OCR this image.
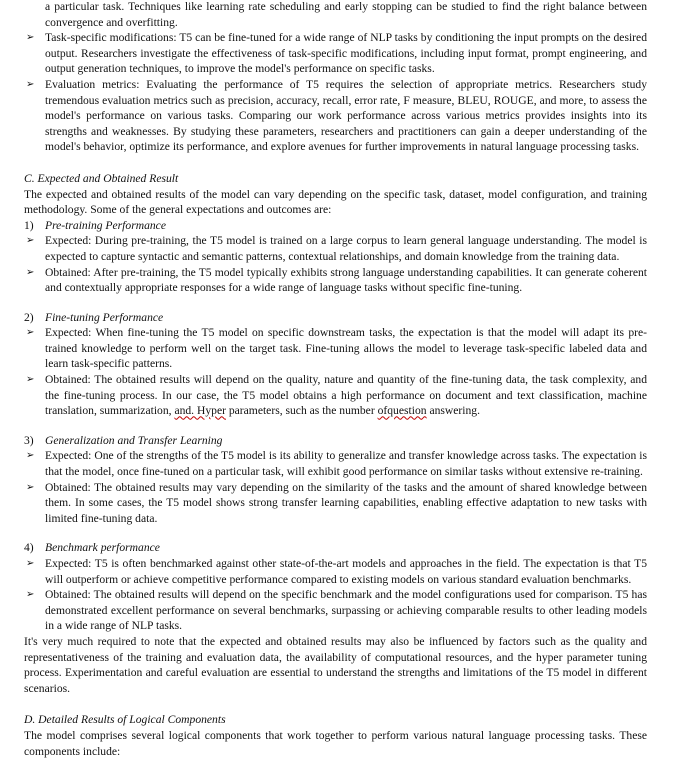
a particular task. Techniques like learning rate scheduling and early stopping can be studied to find the right balance between convergence and overfitting.

➢ Task-specific modifications: T5 can be fine-tuned for a wide range of NLP tasks by conditioning the input prompts on the desired output. Researchers investigate the effectiveness of task-specific modifications, including input format, prompt engineering, and output generation techniques, to improve the model's performance on specific tasks.

➢ Evaluation metrics: Evaluating the performance of T5 requires the selection of appropriate metrics. Researchers study tremendous evaluation metrics such as precision, accuracy, recall, error rate, F measure, BLEU, ROUGE, and more, to assess the model's performance on various tasks. Comparing our work performance across various metrics provides insights into its strengths and weaknesses. By studying these parameters, researchers and practitioners can gain a deeper understanding of the model's behavior, optimize its performance, and explore avenues for further improvements in natural language processing tasks.

C. Expected and Obtained Result

The expected and obtained results of the model can vary depending on the specific task, dataset, model configuration, and training methodology. Some of the general expectations and outcomes are:

1) Pre-training Performance

➢ Expected: During pre-training, the T5 model is trained on a large corpus to learn general language understanding. The model is expected to capture syntactic and semantic patterns, contextual relationships, and domain knowledge from the training data.

➢ Obtained: After pre-training, the T5 model typically exhibits strong language understanding capabilities. It can generate coherent and contextually appropriate responses for a wide range of language tasks without specific fine-tuning.

2) Fine-tuning Performance

➢ Expected: When fine-tuning the T5 model on specific downstream tasks, the expectation is that the model will adapt its pre-trained knowledge to perform well on the target task. Fine-tuning allows the model to leverage task-specific labeled data and learn task-specific patterns.

➢ Obtained: The obtained results will depend on the quality, nature and quantity of the fine-tuning data, the task complexity, and the fine-tuning process. In our case, the T5 model obtains a high performance on document and text classification, machine translation, summarization, and. Hyper parameters, such as the number ofquestion answering.

3) Generalization and Transfer Learning

➢ Expected: One of the strengths of the T5 model is its ability to generalize and transfer knowledge across tasks. The expectation is that the model, once fine-tuned on a particular task, will exhibit good performance on similar tasks without extensive re-training.

➢ Obtained: The obtained results may vary depending on the similarity of the tasks and the amount of shared knowledge between them. In some cases, the T5 model shows strong transfer learning capabilities, enabling effective adaptation to new tasks with limited fine-tuning data.

4) Benchmark performance

➢ Expected: T5 is often benchmarked against other state-of-the-art models and approaches in the field. The expectation is that T5 will outperform or achieve competitive performance compared to existing models on various standard evaluation benchmarks.

➢ Obtained: The obtained results will depend on the specific benchmark and the model configurations used for comparison. T5 has demonstrated excellent performance on several benchmarks, surpassing or achieving comparable results to other leading models in a wide range of NLP tasks.

It's very much required to note that the expected and obtained results may also be influenced by factors such as the quality and representativeness of the training and evaluation data, the availability of computational resources, and the hyper parameter tuning process. Experimentation and careful evaluation are essential to understand the strengths and limitations of the T5 model in different scenarios.

D. Detailed Results of Logical Components

The model comprises several logical components that work together to perform various natural language processing tasks. These components include:
